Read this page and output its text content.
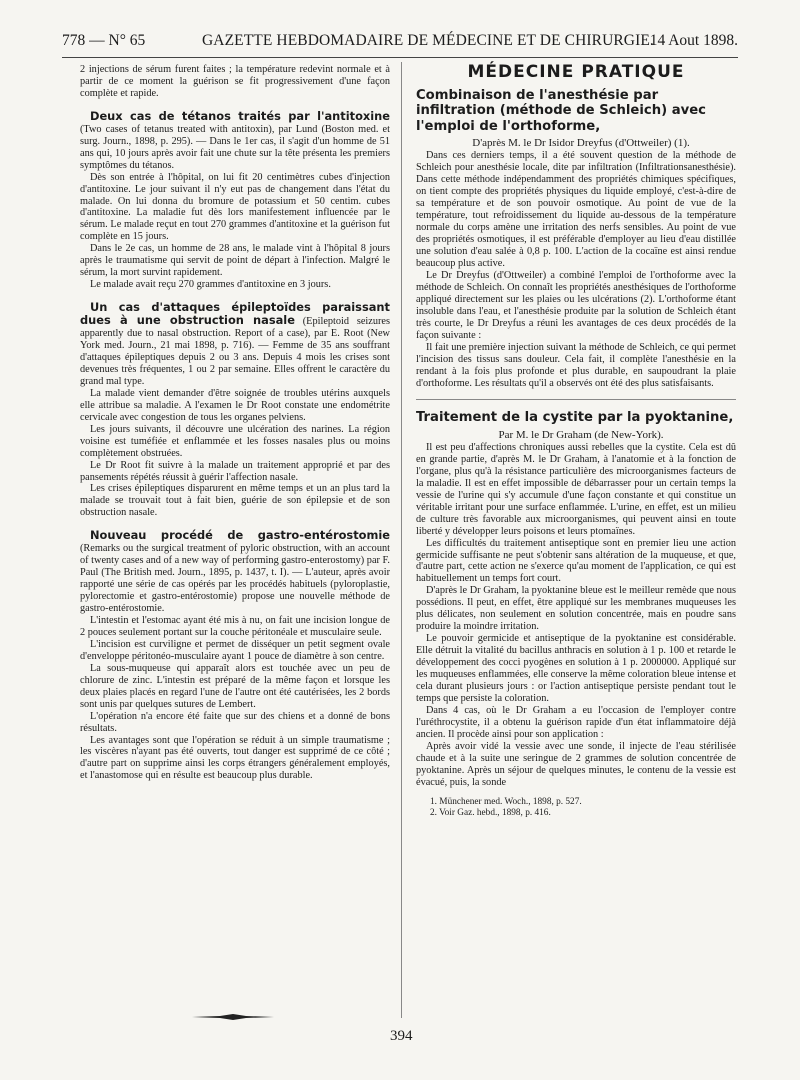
778 — N° 65	GAZETTE HEBDOMADAIRE DE MÉDECINE ET DE CHIRURGIE.
14 Aout 1898.

2 injections de sérum furent faites ; la température redevint normale et à partir de ce moment la guérison se fit progressivement d'une façon complète et rapide.

Deux cas de tétanos traités par l'antitoxine (Two cases of tetanus treated with antitoxin), par Lund (Boston med. et surg. Journ., 1898, p. 295). — Dans le 1er cas, il s'agit d'un homme de 51 ans qui, 10 jours après avoir fait une chute sur la tête présenta les premiers symptômes du tétanos.

Dès son entrée à l'hôpital, on lui fit 20 centimètres cubes d'injection d'antitoxine. Le jour suivant il n'y eut pas de changement dans l'état du malade. On lui donna du bromure de potassium et 50 centim. cubes d'antitoxine. La maladie fut dès lors manifestement influencée par le sérum. Le malade reçut en tout 270 grammes d'antitoxine et la guérison fut complète en 15 jours.

Dans le 2e cas, un homme de 28 ans, le malade vint à l'hôpital 8 jours après le traumatisme qui servit de point de départ à l'infection. Malgré le sérum, la mort survint rapidement.

Le malade avait reçu 270 grammes d'antitoxine en 3 jours.

Un cas d'attaques épileptoïdes paraissant dues à une obstruction nasale (Epileptoid seizures apparently due to nasal obstruction. Report of a case), par E. Root (New York med. Journ., 21 mai 1898, p. 716). — Femme de 35 ans souffrant d'attaques épileptiques depuis 2 ou 3 ans. Depuis 4 mois les crises sont devenues très fréquentes, 1 ou 2 par semaine. Elles offrent le caractère du grand mal type.

La malade vient demander d'être soignée de troubles utérins auxquels elle attribue sa maladie. A l'examen le Dr Root constate une endométrite cervicale avec congestion de tous les organes pelviens.

Les jours suivants, il découvre une ulcération des narines. La région voisine est tuméfiée et enflammée et les fosses nasales plus ou moins complètement obstruées.

Le Dr Root fit suivre à la malade un traitement approprié et par des pansements répétés réussit à guérir l'affection nasale.

Les crises épileptiques disparurent en même temps et un an plus tard la malade se trouvait tout à fait bien, guérie de son épilepsie et de son obstruction nasale.

Nouveau procédé de gastro-entérostomie (Remarks ou the surgical treatment of pyloric obstruction, with an account of twenty cases and of a new way of performing gastro-enterostomy) par F. Paul (The British med. Journ., 1895, p. 1437, t. I). — L'auteur, après avoir rapporté une série de cas opérés par les procédés habituels (pyloroplastie, pylorectomie et gastro-entérostomie) propose une nouvelle méthode de gastro-entérostomie.

L'intestin et l'estomac ayant été mis à nu, on fait une incision longue de 2 pouces seulement portant sur la couche péritonéale et musculaire seule.

L'incision est curviligne et permet de disséquer un petit segment ovale d'enveloppe péritonéo-musculaire ayant 1 pouce de diamètre à son centre.

La sous-muqueuse qui apparaît alors est touchée avec un peu de chlorure de zinc. L'intestin est préparé de la même façon et lorsque les deux plaies placés en regard l'une de l'autre ont été cautérisées, les 2 bords sont unis par quelques sutures de Lembert.

L'opération n'a encore été faite que sur des chiens et a donné de bons résultats.

Les avantages sont que l'opération se réduit à un simple traumatisme ; les viscères n'ayant pas été ouverts, tout danger est supprimé de ce côté ; d'autre part on supprime ainsi les corps étrangers généralement employés, et l'anastomose qui en résulte est beaucoup plus durable.

MÉDECINE PRATIQUE
Combinaison de l'anesthésie par infiltration (méthode de Schleich) avec l'emploi de l'orthoforme,

D'après M. le Dr Isidor Dreyfus (d'Ottweiler) (1).

Dans ces derniers temps, il a été souvent question de la méthode de Schleich pour anesthésie locale, dite par infiltration (Infiltrationsanesthésie). Dans cette méthode indépendamment des propriétés chimiques spécifiques, on tient compte des propriétés physiques du liquide employé, c'est-à-dire de sa température et de son pouvoir osmotique. Au point de vue de la température, tout refroidissement du liquide au-dessous de la température normale du corps amène une irritation des nerfs sensibles. Au point de vue des propriétés osmotiques, il est préférable d'employer au lieu d'eau distillée une solution d'eau salée à 0,8 p. 100. L'action de la cocaïne est ainsi rendue beaucoup plus active.

Le Dr Dreyfus (d'Ottweiler) a combiné l'emploi de l'orthoforme avec la méthode de Schleich. On connaît les propriétés anesthésiques de l'orthoforme appliqué directement sur les plaies ou les ulcérations (2). L'orthoforme étant insoluble dans l'eau, et l'anesthésie produite par la solution de Schleich étant très courte, le Dr Dreyfus a réuni les avantages de ces deux procédés de la façon suivante :

Il fait une première injection suivant la méthode de Schleich, ce qui permet l'incision des tissus sans douleur. Cela fait, il complète l'anesthésie en la rendant à la fois plus profonde et plus durable, en saupoudrant la plaie d'orthoforme. Les résultats qu'il a observés ont été des plus satisfaisants.

Traitement de la cystite par la pyoktanine,

Par M. le Dr Graham (de New-York).

Il est peu d'affections chroniques aussi rebelles que la cystite. Cela est dû en grande partie, d'après M. le Dr Graham, à l'anatomie et à la fonction de l'organe, plus qu'à la résistance particulière des microorganismes facteurs de la maladie. Il est en effet impossible de débarrasser pour un certain temps la vessie de l'urine qui s'y accumule d'une façon constante et qui constitue un véritable irritant pour une surface enflammée. L'urine, en effet, est un milieu de culture très favorable aux microorganismes, qui peuvent ainsi en toute liberté y développer leurs poisons et leurs ptomaïnes.

Les difficultés du traitement antiseptique sont en premier lieu une action germicide suffisante ne peut s'obtenir sans altération de la muqueuse, et que, d'autre part, cette action ne s'exerce qu'au moment de l'application, ce qui est habituellement un temps fort court.

D'après le Dr Graham, la pyoktanine bleue est le meilleur remède que nous possédions. Il peut, en effet, être appliqué sur les membranes muqueuses les plus délicates, non seulement en solution concentrée, mais en poudre sans produire la moindre irritation.

Le pouvoir germicide et antiseptique de la pyoktanine est considérable. Elle détruit la vitalité du bacillus anthracis en solution à 1 p. 100 et retarde le développement des cocci pyogènes en solution à 1 p. 2000000. Appliqué sur les muqueuses enflammées, elle conserve la même coloration bleue intense et cela durant plusieurs jours : or l'action antiseptique persiste pendant tout le temps que persiste la coloration.

Dans 4 cas, où le Dr Graham a eu l'occasion de l'employer contre l'uréthrocystite, il a obtenu la guérison rapide d'un état inflammatoire déjà ancien. Il procède ainsi pour son application :

Après avoir vidé la vessie avec une sonde, il injecte de l'eau stérilisée chaude et à la suite une seringue de 2 grammes de solution concentrée de pyoktanine. Après un séjour de quelques minutes, le contenu de la vessie est évacué, puis, la sonde

1. Münchener med. Woch., 1898, p. 527.
2. Voir Gaz. hebd., 1898, p. 416.
394
